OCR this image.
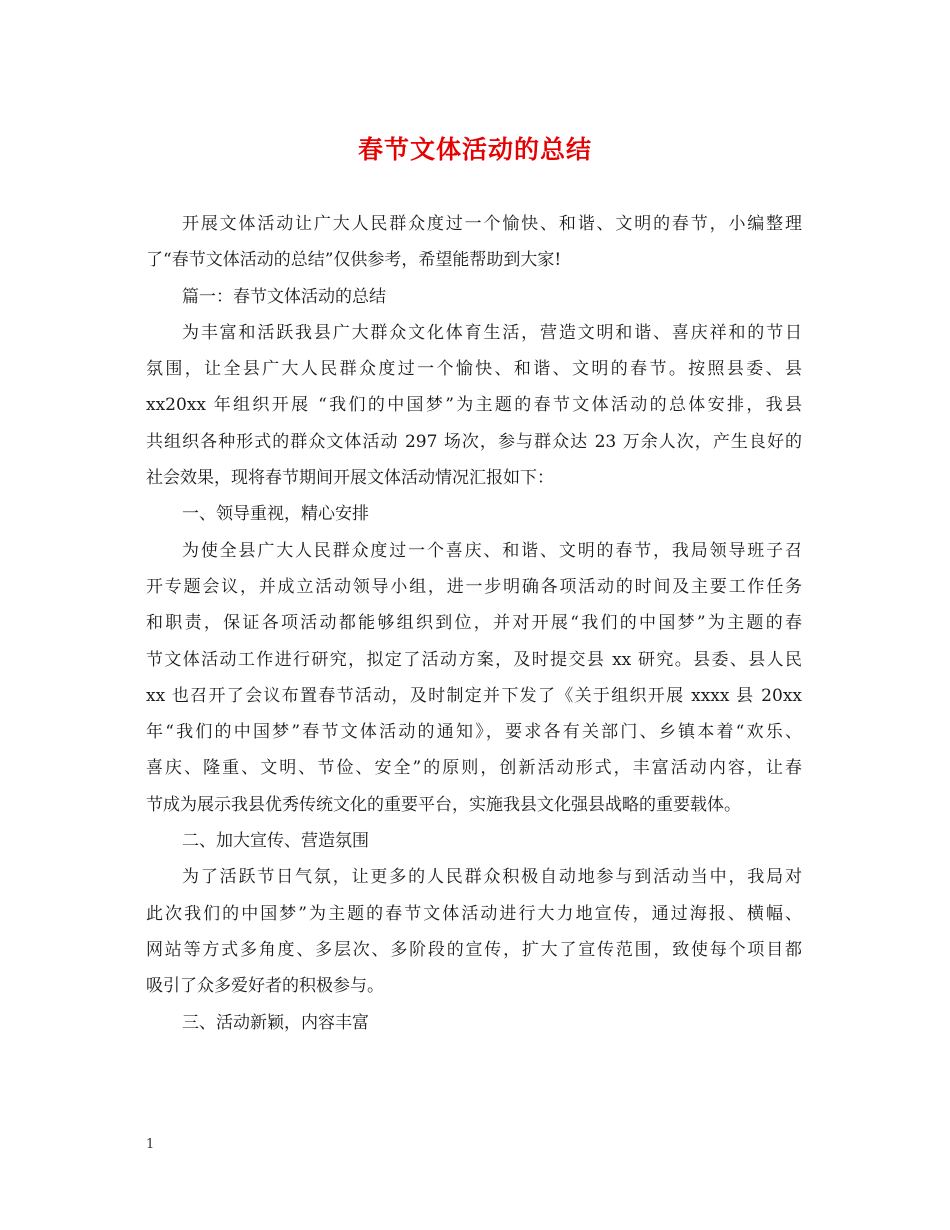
春节文体活动的总结
开展文体活动让广大人民群众度过一个愉快、和谐、文明的春节，小编整理
了“春节文体活动的总结”仅供参考，希望能帮助到大家!
篇一：春节文体活动的总结
为丰富和活跃我县广大群众文化体育生活，营造文明和谐、喜庆祥和的节日
氛围，让全县广大人民群众度过一个愉快、和谐、文明的春节。按照县委、县
xx20xx 年组织开展 “我们的中国梦”为主题的春节文体活动的总体安排，我县
共组织各种形式的群众文体活动 297 场次，参与群众达 23 万余人次，产生良好的
社会效果，现将春节期间开展文体活动情况汇报如下：
一、领导重视，精心安排
为使全县广大人民群众度过一个喜庆、和谐、文明的春节，我局领导班子召
开专题会议，并成立活动领导小组，进一步明确各项活动的时间及主要工作任务
和职责，保证各项活动都能够组织到位，并对开展“我们的中国梦”为主题的春
节文体活动工作进行研究，拟定了活动方案，及时提交县 xx 研究。县委、县人民
xx 也召开了会议布置春节活动，及时制定并下发了《关于组织开展 xxxx 县 20xx
年“我们的中国梦”春节文体活动的通知》，要求各有关部门、乡镇本着“欢乐、
喜庆、隆重、文明、节俭、安全”的原则，创新活动形式，丰富活动内容，让春
节成为展示我县优秀传统文化的重要平台，实施我县文化强县战略的重要载体。
二、加大宣传、营造氛围
为了活跃节日气氛，让更多的人民群众积极自动地参与到活动当中，我局对
此次我们的中国梦”为主题的春节文体活动进行大力地宣传，通过海报、横幅、
网站等方式多角度、多层次、多阶段的宣传，扩大了宣传范围，致使每个项目都
吸引了众多爱好者的积极参与。
三、活动新颖，内容丰富
1
